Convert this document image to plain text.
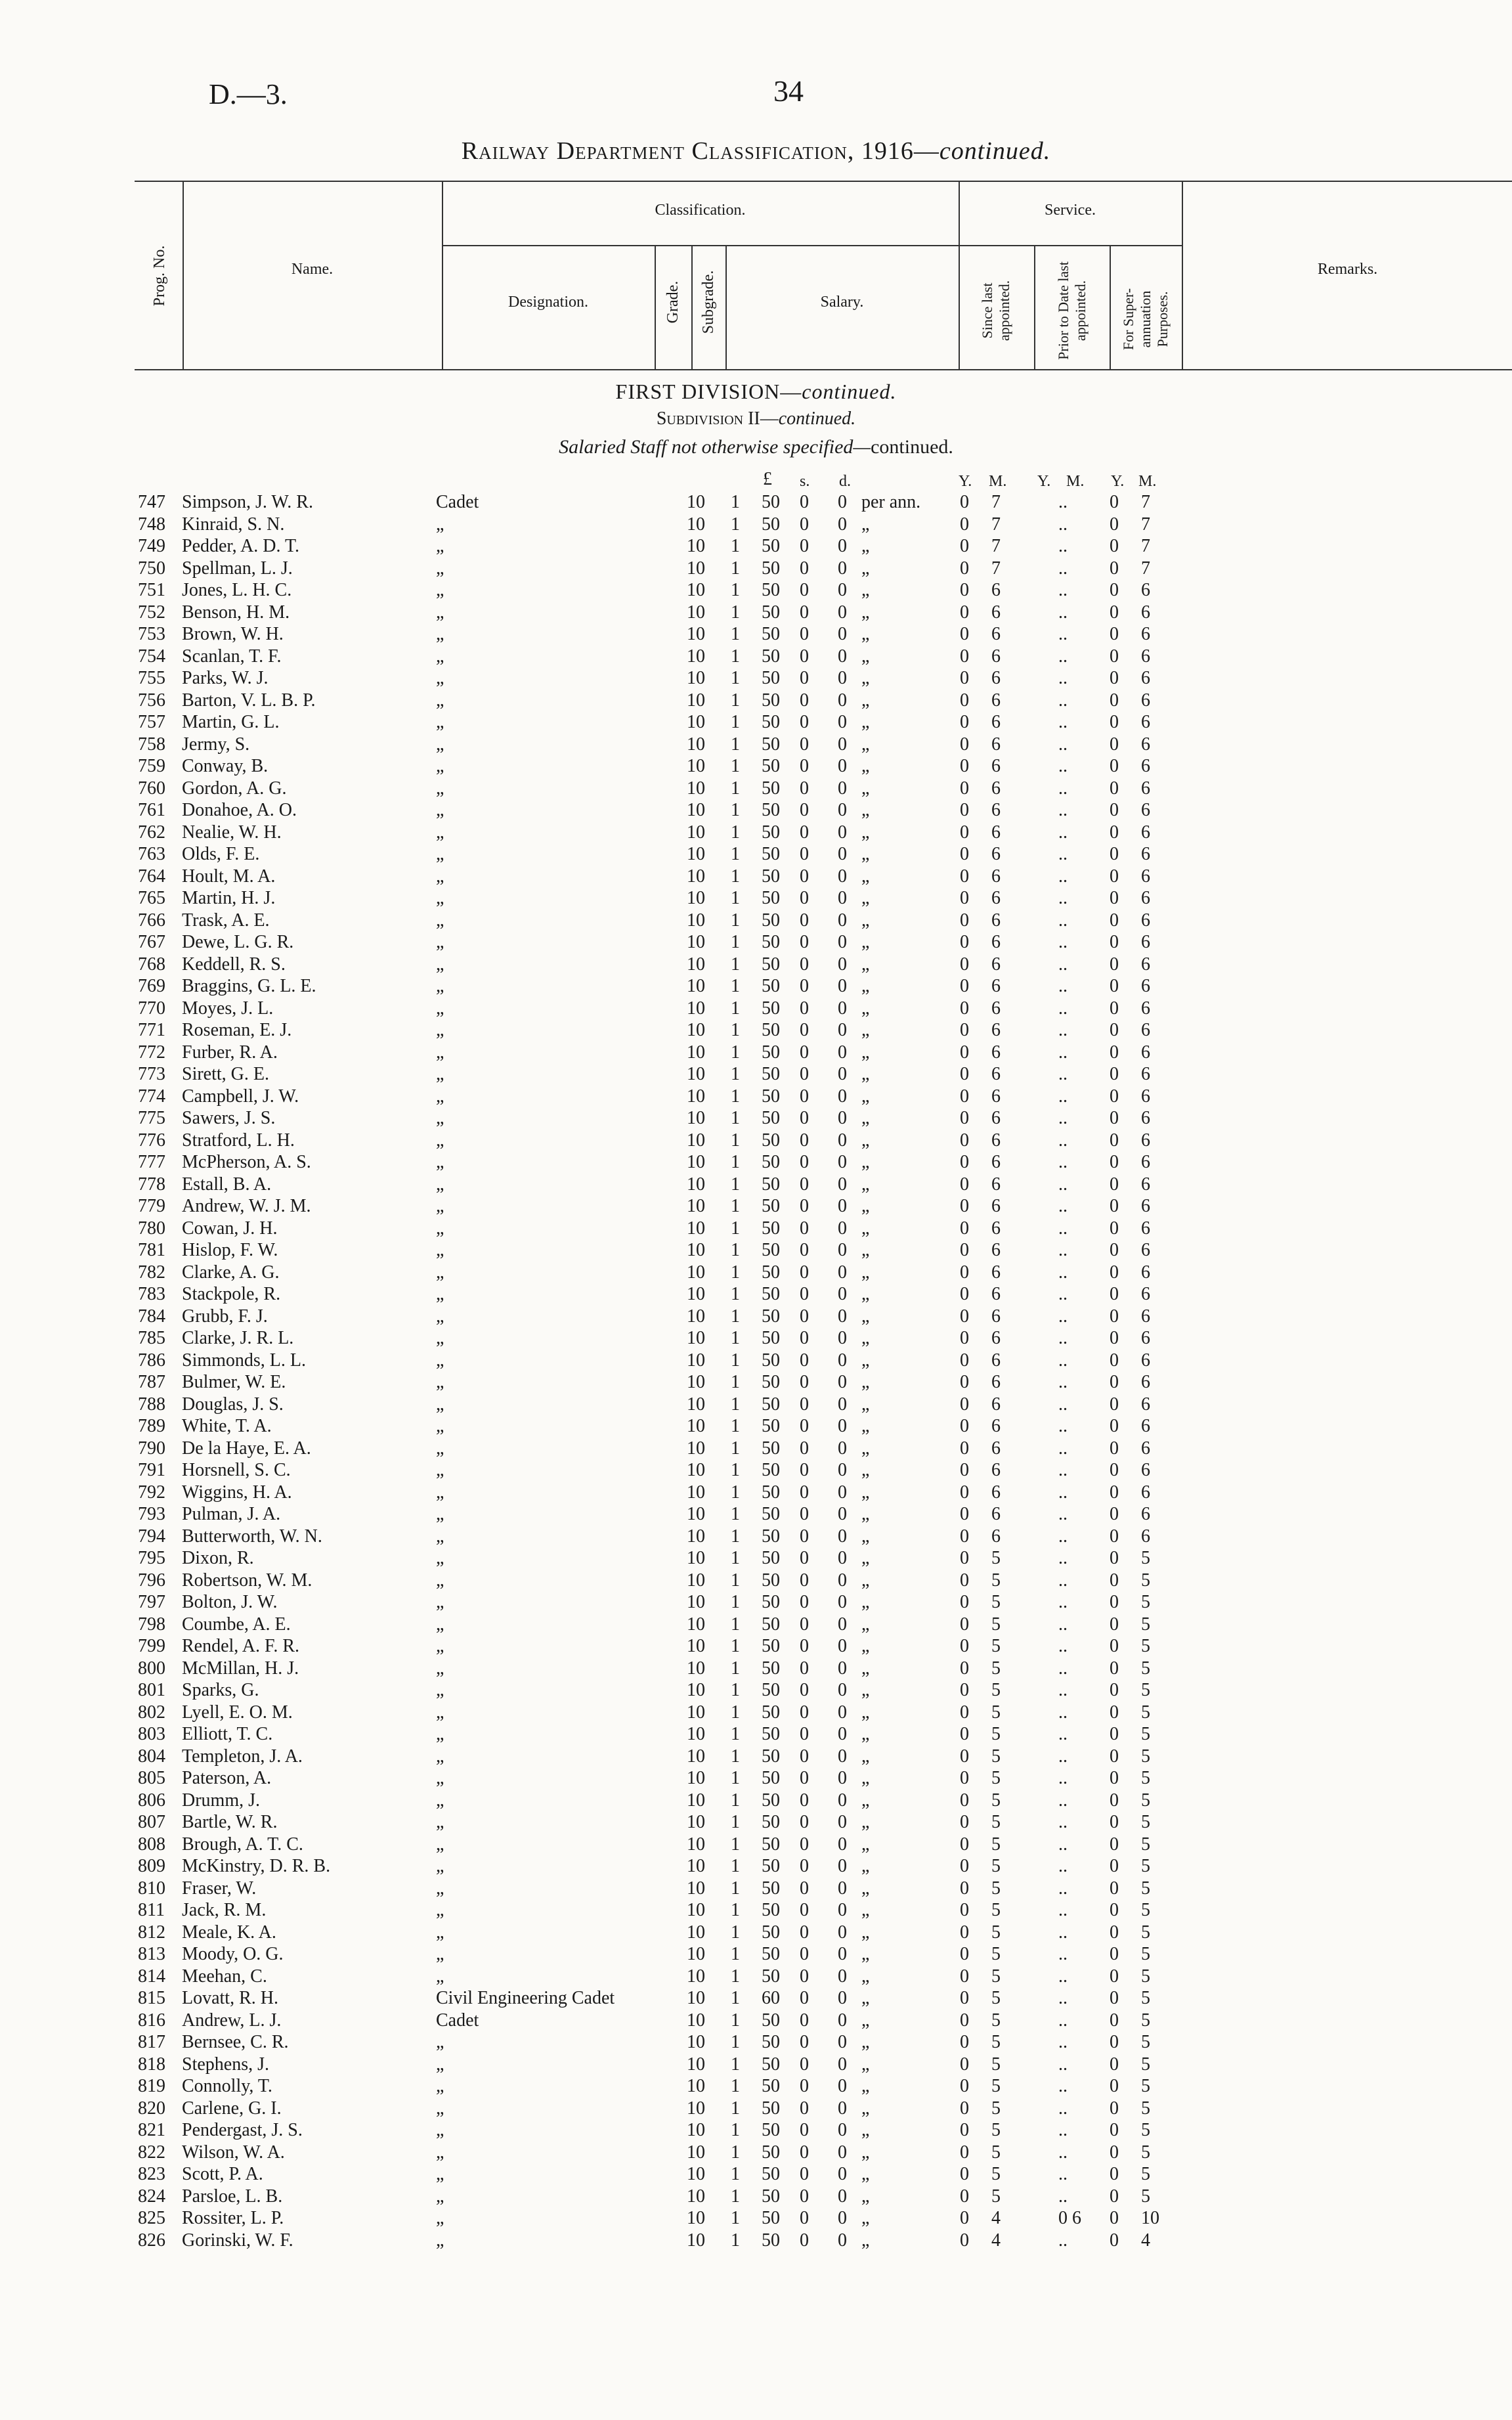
D.—3.	34
Railway Department Classification, 1916—continued.
Prog. No.	Name.
Classification.
Designation.	Grade. Subgrade.	Salary.
Service.
Since last appointed.	Prior to Date last appointed. For Super-annuation Purposes.
Remarks.
FIRST DIVISION—continued.
Subdivision II—continued.
Salaried Staff not otherwise specified—continued.
£ s. d.	Y. M. Y. M. Y. M.
747 Simpson, J. W. R.	Cadet	10 1 50 0 0 per ann. 0 7	.. 0 7
748 Kinraid, S. N.	„	10 1 50 0 0 „	0 7	.. 0 7
749 Pedder, A. D. T.	„	10 1 50 0 0 „	0 7	.. 0 7
750 Spellman, L. J.	„	10 1 50 0 0 „	0 7	.. 0 7
751 Jones, L. H. C.	„	10 1 50 0 0 „	0 6	.. 0 6
752 Benson, H. M.	„	10 1 50 0 0 „	0 6	.. 0 6
753 Brown, W. H.	„	10 1 50 0 0 „	0 6	.. 0 6
754 Scanlan, T. F.	„	10 1 50 0 0 „	0 6	.. 0 6
755 Parks, W. J.	„	10 1 50 0 0 „	0 6	.. 0 6
756 Barton, V. L. B. P.	„	10 1 50 0 0 „	0 6	.. 0 6
757 Martin, G. L.	„	10 1 50 0 0 „	0 6	.. 0 6
758 Jermy, S.	„	10 1 50 0 0 „	0 6	.. 0 6
759 Conway, B.	„	10 1 50 0 0 „	0 6	.. 0 6
760 Gordon, A. G.	„	10 1 50 0 0 „	0 6	.. 0 6
761 Donahoe, A. O.	„	10 1 50 0 0 „	0 6	.. 0 6
762 Nealie, W. H.	„	10 1 50 0 0 „	0 6	.. 0 6
763 Olds, F. E.	„	10 1 50 0 0 „	0 6	.. 0 6
764 Hoult, M. A.	„	10 1 50 0 0 „	0 6	.. 0 6
765 Martin, H. J.	„	10 1 50 0 0 „	0 6	.. 0 6
766 Trask, A. E.	„	10 1 50 0 0 „	0 6	.. 0 6
767 Dewe, L. G. R.	„	10 1 50 0 0 „	0 6	.. 0 6
768 Keddell, R. S.	„	10 1 50 0 0 „	0 6	.. 0 6
769 Braggins, G. L. E.	„	10 1 50 0 0 „	0 6	.. 0 6
770 Moyes, J. L.	„	10 1 50 0 0 „	0 6	.. 0 6
771 Roseman, E. J.	„	10 1 50 0 0 „	0 6	.. 0 6
772 Furber, R. A.	„	10 1 50 0 0 „	0 6	.. 0 6
773 Sirett, G. E.	„	10 1 50 0 0 „	0 6	.. 0 6
774 Campbell, J. W.	„	10 1 50 0 0 „	0 6	.. 0 6
775 Sawers, J. S.	„	10 1 50 0 0 „	0 6	.. 0 6
776 Stratford, L. H.	„	10 1 50 0 0 „	0 6	.. 0 6
777 McPherson, A. S.	„	10 1 50 0 0 „	0 6	.. 0 6
778 Estall, B. A.	„	10 1 50 0 0 „	0 6	.. 0 6
779 Andrew, W. J. M.	„	10 1 50 0 0 „	0 6	.. 0 6
780 Cowan, J. H.	„	10 1 50 0 0 „	0 6	.. 0 6
781 Hislop, F. W.	„	10 1 50 0 0 „	0 6	.. 0 6
782 Clarke, A. G.	„	10 1 50 0 0 „	0 6	.. 0 6
783 Stackpole, R.	„	10 1 50 0 0 „	0 6	.. 0 6
784 Grubb, F. J.	„	10 1 50 0 0 „	0 6	.. 0 6
785 Clarke, J. R. L.	„	10 1 50 0 0 „	0 6	.. 0 6
786 Simmonds, L. L.	„	10 1 50 0 0 „	0 6	.. 0 6
787 Bulmer, W. E.	„	10 1 50 0 0 „	0 6	.. 0 6
788 Douglas, J. S.	„	10 1 50 0 0 „	0 6	.. 0 6
789 White, T. A.	„	10 1 50 0 0 „	0 6	.. 0 6
790 De la Haye, E. A.	„	10 1 50 0 0 „	0 6	.. 0 6
791 Horsnell, S. C.	„	10 1 50 0 0 „	0 6	.. 0 6
792 Wiggins, H. A.	„	10 1 50 0 0 „	0 6	.. 0 6
793 Pulman, J. A.	„	10 1 50 0 0 „	0 6	.. 0 6
794 Butterworth, W. N.	„	10 1 50 0 0 „	0 6	.. 0 6
795 Dixon, R.	„	10 1 50 0 0 „	0 5	.. 0 5
796 Robertson, W. M.	„	10 1 50 0 0 „	0 5	.. 0 5
797 Bolton, J. W.	„	10 1 50 0 0 „	0 5	.. 0 5
798 Coumbe, A. E.	„	10 1 50 0 0 „	0 5	.. 0 5
799 Rendel, A. F. R.	„	10 1 50 0 0 „	0 5	.. 0 5
800 McMillan, H. J.	„	10 1 50 0 0 „	0 5	.. 0 5
801 Sparks, G.	„	10 1 50 0 0 „	0 5	.. 0 5
802 Lyell, E. O. M.	„	10 1 50 0 0 „	0 5	.. 0 5
803 Elliott, T. C.	„	10 1 50 0 0 „	0 5	.. 0 5
804 Templeton, J. A.	„	10 1 50 0 0 „	0 5	.. 0 5
805 Paterson, A.	„	10 1 50 0 0 „	0 5	.. 0 5
806 Drumm, J.	„	10 1 50 0 0 „	0 5	.. 0 5
807 Bartle, W. R.	„	10 1 50 0 0 „	0 5	.. 0 5
808 Brough, A. T. C.	„	10 1 50 0 0 „	0 5	.. 0 5
809 McKinstry, D. R. B.	„	10 1 50 0 0 „	0 5	.. 0 5
810 Fraser, W.	„	10 1 50 0 0 „	0 5	.. 0 5
811 Jack, R. M.	„	10 1 50 0 0 „	0 5	.. 0 5
812 Meale, K. A.	„	10 1 50 0 0 „	0 5	.. 0 5
813 Moody, O. G.	„	10 1 50 0 0 „	0 5	.. 0 5
814 Meehan, C.	„	10 1 50 0 0 „	0 5	.. 0 5
815 Lovatt, R. H.	Civil Engineering Cadet	10 1 60 0 0 „	0 5	.. 0 5
816 Andrew, L. J.	Cadet	10 1 50 0 0 „	0 5	.. 0 5
817 Bernsee, C. R.	„	10 1 50 0 0 „	0 5	.. 0 5
818 Stephens, J.	„	10 1 50 0 0 „	0 5	.. 0 5
819 Connolly, T.	„	10 1 50 0 0 „	0 5	.. 0 5
820 Carlene, G. I.	„	10 1 50 0 0 „	0 5	.. 0 5
821 Pendergast, J. S.	„	10 1 50 0 0 „	0 5	.. 0 5
822 Wilson, W. A.	„	10 1 50 0 0 „	0 5	.. 0 5
823 Scott, P. A.	„	10 1 50 0 0 „	0 5	.. 0 5
824 Parsloe, L. B.	„	10 1 50 0 0 „	0 5	.. 0 5
825 Rossiter, L. P.	„	10 1 50 0 0 „	0 4	0 6 0 10
826 Gorinski, W. F.	„	10 1 50 0 0 „	0 4	.. 0 4
